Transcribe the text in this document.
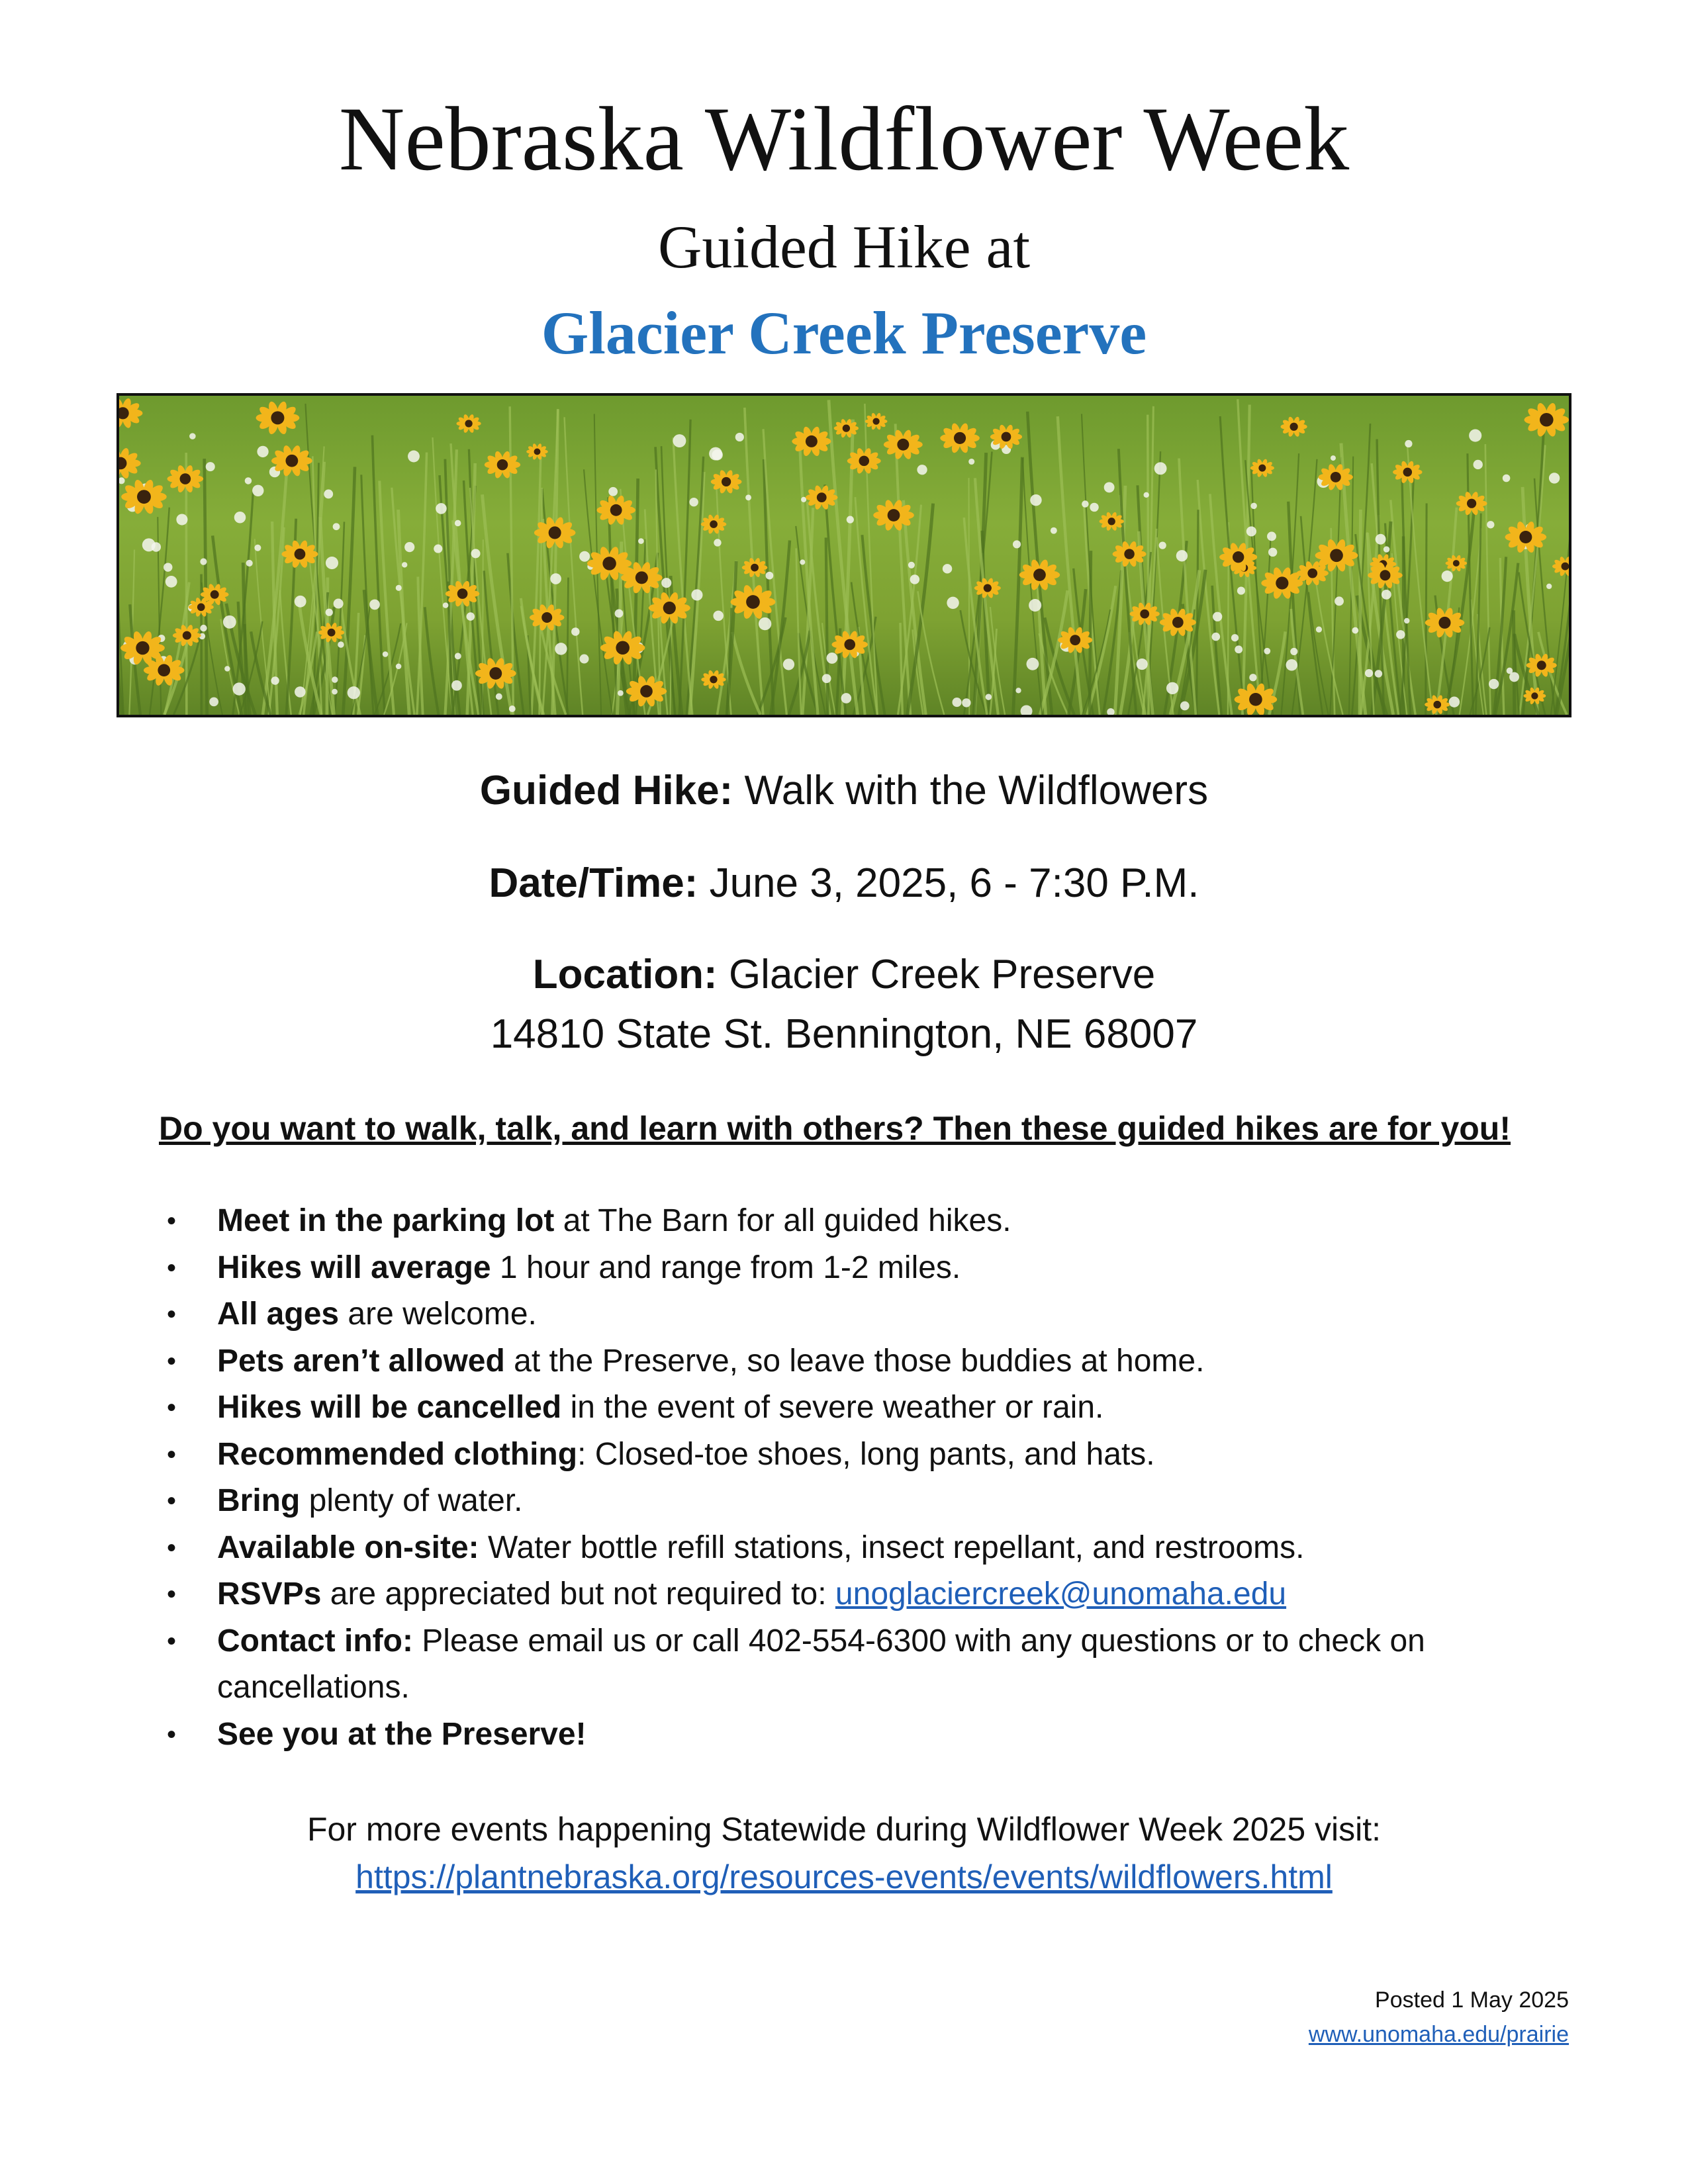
Nebraska Wildflower Week
Guided Hike at
Glacier Creek Preserve
Guided Hike: Walk with the Wildflowers
Date/Time: June 3, 2025, 6 - 7:30 P.M.
Location: Glacier Creek Preserve
14810 State St. Bennington, NE 68007
Do you want to walk, talk, and learn with others? Then these guided hikes are for you!
• Meet in the parking lot at The Barn for all guided hikes.
• Hikes will average 1 hour and range from 1-2 miles.
• All ages are welcome.
• Pets aren’t allowed at the Preserve, so leave those buddies at home.
• Hikes will be cancelled in the event of severe weather or rain.
• Recommended clothing: Closed-toe shoes, long pants, and hats.
• Bring plenty of water.
• Available on-site: Water bottle refill stations, insect repellant, and restrooms.
• RSVPs are appreciated but not required to: unoglaciercreek@unomaha.edu
• Contact info: Please email us or call 402-554-6300 with any questions or to check on cancellations.
• See you at the Preserve!
For more events happening Statewide during Wildflower Week 2025 visit:
https://plantnebraska.org/resources-events/events/wildflowers.html
Posted 1 May 2025
www.unomaha.edu/prairie
